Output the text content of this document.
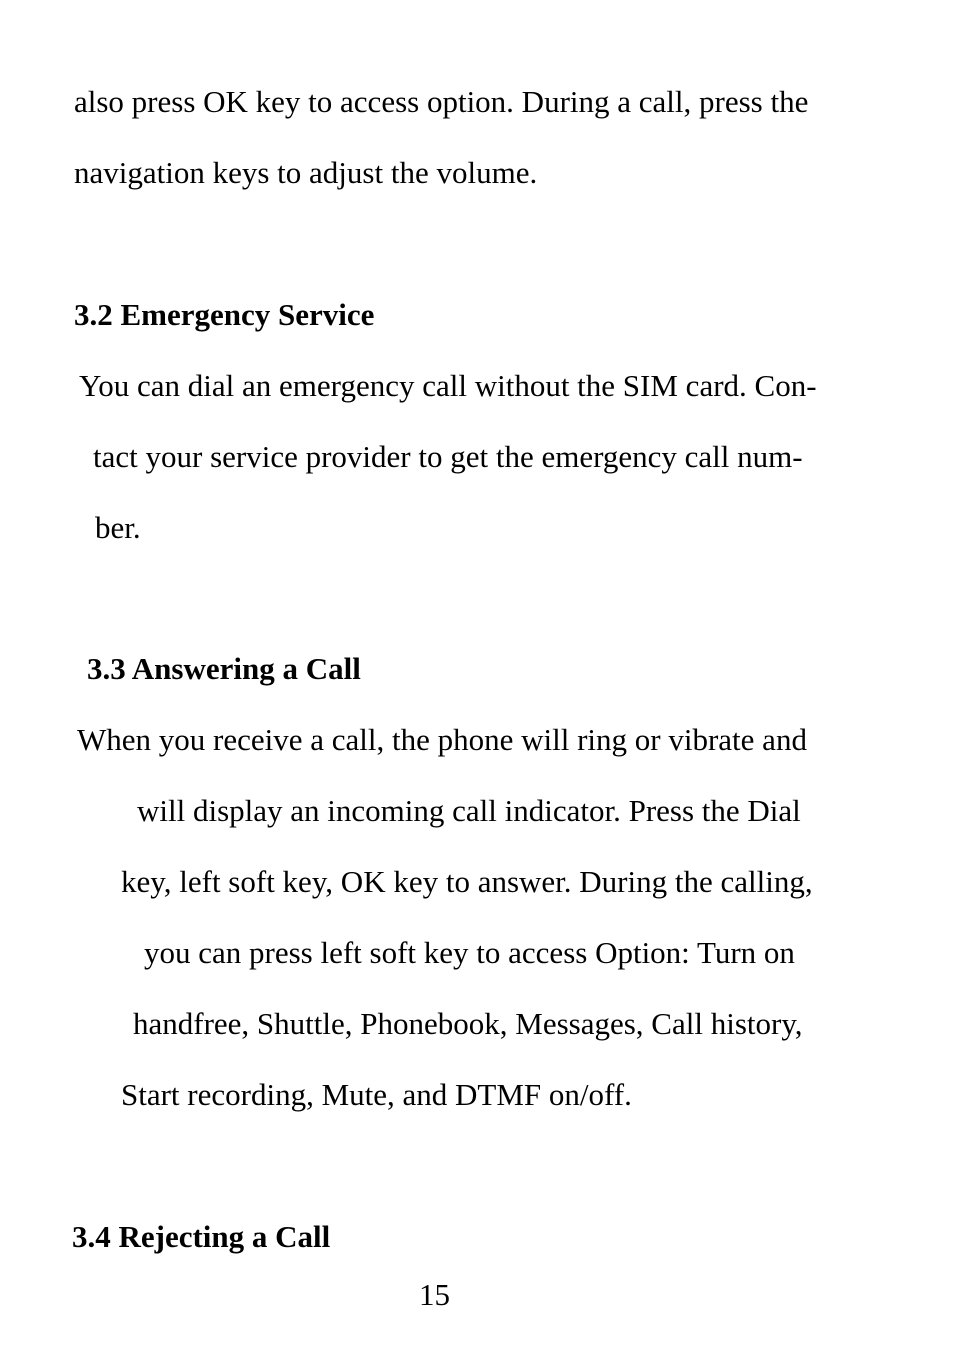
also press OK key to access option. During a call, press the

navigation keys to adjust the volume.

3.2 Emergency Service

You can dial an emergency call without the SIM card. Con-

tact your service provider to get the emergency call num-

ber.

3.3 Answering a Call

When you receive a call, the phone will ring or vibrate and

will display an incoming call indicator. Press the Dial

key, left soft key, OK key to answer. During the calling,

you can press left soft key to access Option: Turn on

handfree, Shuttle, Phonebook, Messages, Call history,

Start recording, Mute, and DTMF on/off.

3.4 Rejecting a Call
15
